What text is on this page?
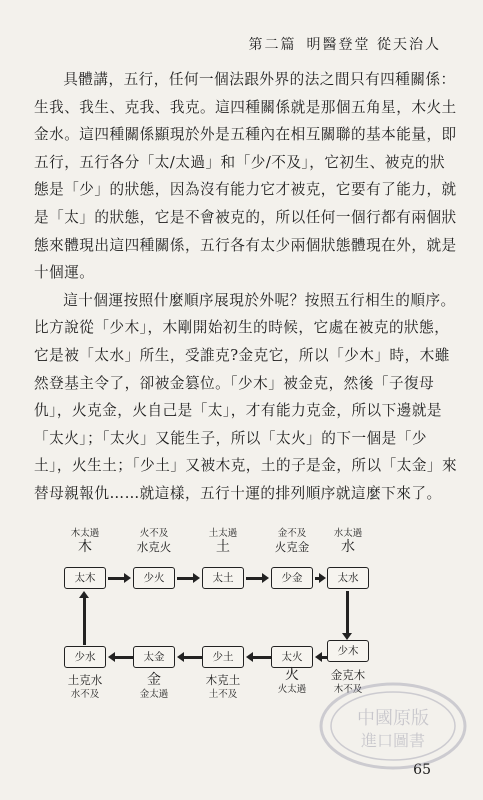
第二篇 明醫登堂 從天治人

具體講，五行，任何一個法跟外界的法之間只有四種關係：生我、我生、克我、我克。這四種關係就是那個五角星，木火土金水。這四種關係顯現於外是五種內在相互關聯的基本能量，即五行，五行各分「太/太過」和「少/不及」，它初生、被克的狀態是「少」的狀態，因為沒有能力它才被克，它要有了能力，就是「太」的狀態，它是不會被克的，所以任何一個行都有兩個狀態來體現出這四種關係，五行各有太少兩個狀態體現在外，就是十個運。

這十個運按照什麼順序展現於外呢？按照五行相生的順序。比方說從「少木」，木剛開始初生的時候，它處在被克的狀態，它是被「太水」所生，受誰克?金克它，所以「少木」時，木雖然登基主令了，卻被金篡位。「少木」被金克，然後「子復母仇」，火克金，火自己是「太」，才有能力克金，所以下邊就是「太火」；「太火」又能生子，所以「太火」的下一個是「少土」，火生土；「少土」又被木克，土的子是金，所以「太金」來替母親報仇……就這樣，五行十運的排列順序就這麼下來了。

木太過
木
火不及
水克火
土太過
土
金不及
火克金
水太過
水
太木	少火	太土	少金	太水
少水	太金	少土	太火	少木
土克水
水不及
金
金太過
木克土
土不及
火
火太過
金克木
木不及
中國原版
進口圖書
65
